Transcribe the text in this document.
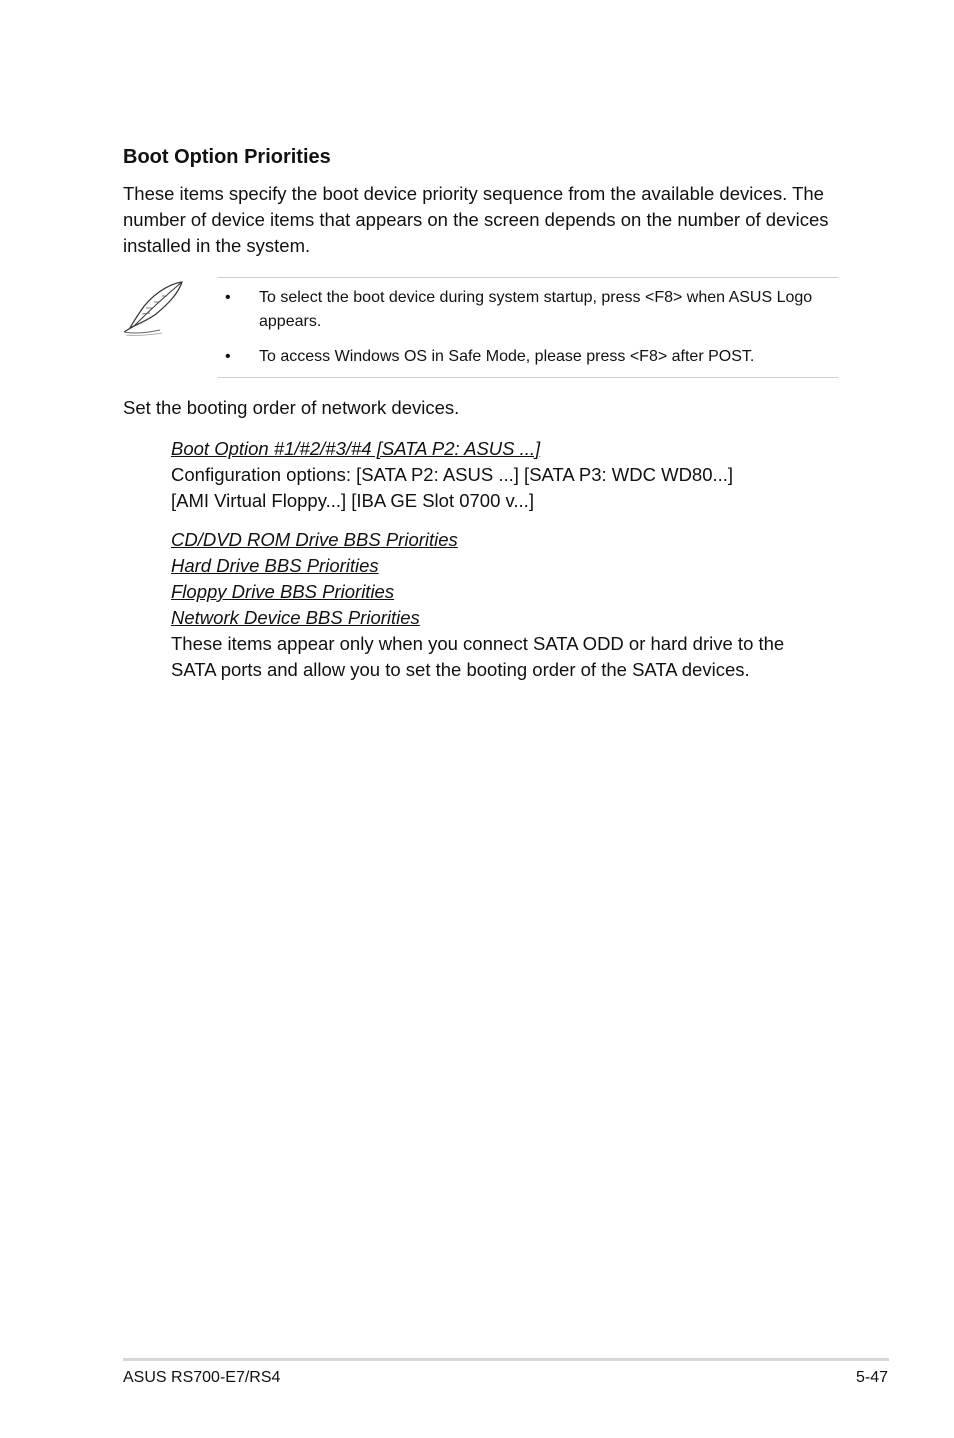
Boot Option Priorities

These items specify the boot device priority sequence from the available devices. The number of device items that appears on the screen depends on the number of devices installed in the system.

• To select the boot device during system startup, press <F8> when ASUS Logo appears.
• To access Windows OS in Safe Mode, please press <F8> after POST.

Set the booting order of network devices.

Boot Option #1/#2/#3/#4 [SATA P2: ASUS ...]
Configuration options: [SATA P2: ASUS ...] [SATA P3: WDC WD80...]
[AMI Virtual Floppy...] [IBA GE Slot 0700 v...]
CD/DVD ROM Drive BBS Priorities
Hard Drive BBS Priorities
Floppy Drive BBS Priorities
Network Device BBS Priorities
These items appear only when you connect SATA ODD or hard drive to the SATA ports and allow you to set the booting order of the SATA devices.
ASUS RS700-E7/RS4	5-47
